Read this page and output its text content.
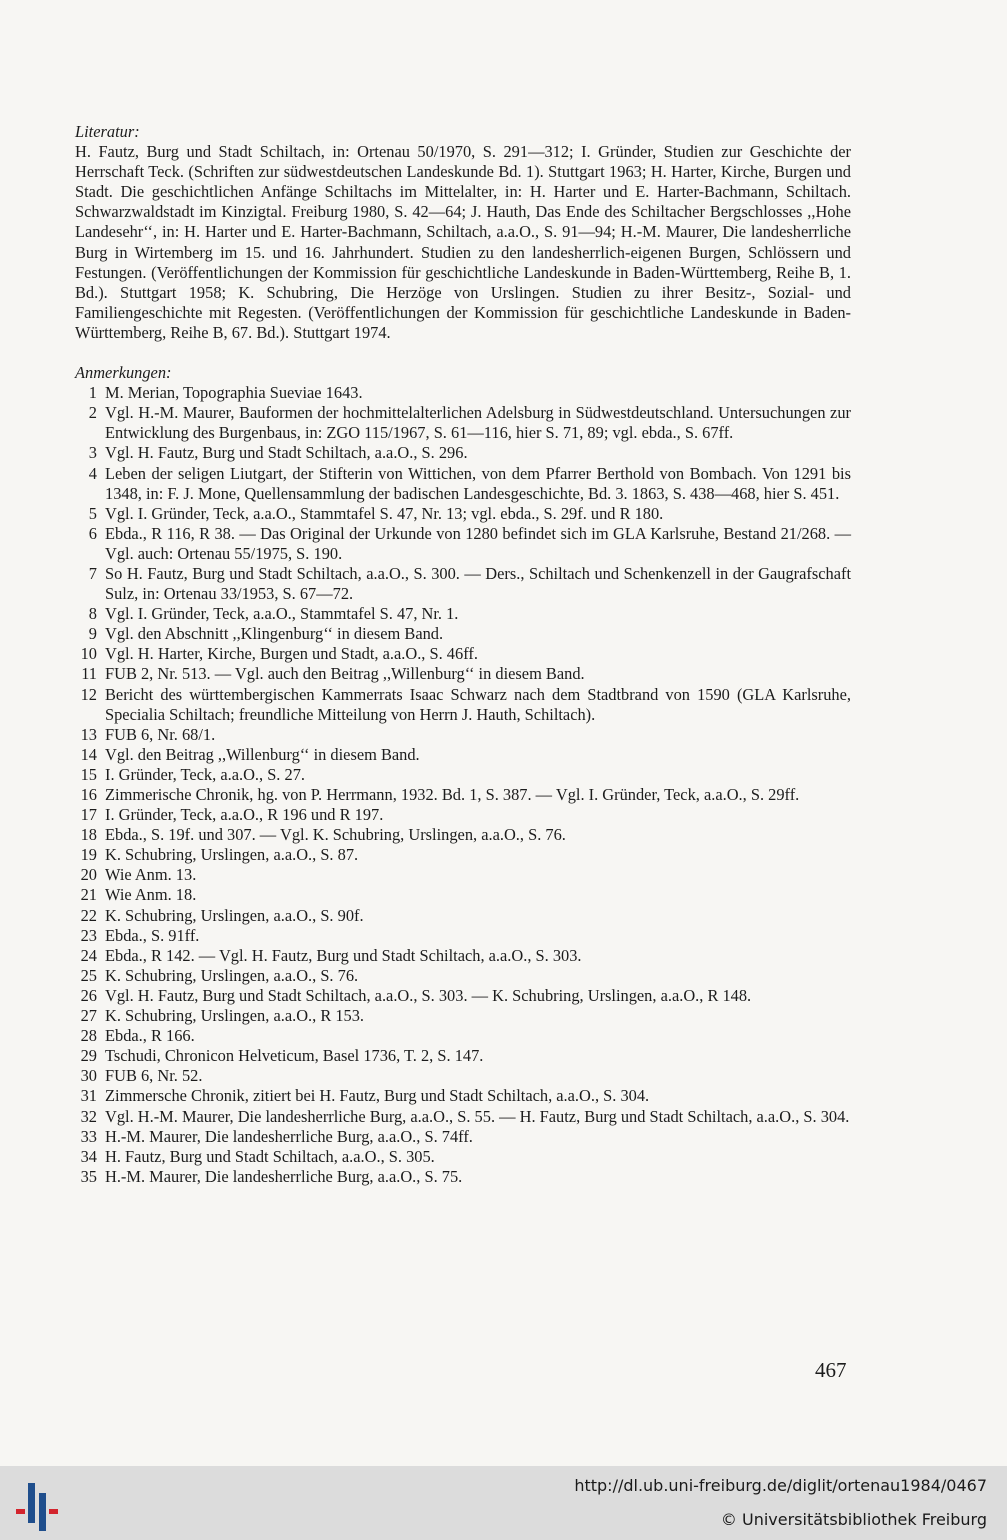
Literatur:

H. Fautz, Burg und Stadt Schiltach, in: Ortenau 50/1970, S. 291—312; I. Gründer, Studien zur Geschichte der Herrschaft Teck. (Schriften zur südwestdeutschen Landeskunde Bd. 1). Stuttgart 1963; H. Harter, Kirche, Burgen und Stadt. Die geschichtlichen Anfänge Schiltachs im Mittelalter, in: H. Harter und E. Harter-Bachmann, Schiltach. Schwarzwaldstadt im Kinzigtal. Freiburg 1980, S. 42—64; J. Hauth, Das Ende des Schiltacher Bergschlosses ,,Hohe Landesehr‘‘, in: H. Harter und E. Harter-Bachmann, Schiltach, a.a.O., S. 91—94; H.-M. Maurer, Die landesherrliche Burg in Wirtemberg im 15. und 16. Jahrhundert. Studien zu den landesherrlich-eigenen Burgen, Schlössern und Festungen. (Veröffentlichungen der Kommission für geschichtliche Landeskunde in Baden-Württemberg, Reihe B, 1. Bd.). Stuttgart 1958; K. Schubring, Die Herzöge von Urslingen. Studien zu ihrer Besitz-, Sozial- und Familiengeschichte mit Regesten. (Veröffentlichungen der Kommission für geschichtliche Landeskunde in Baden-Württemberg, Reihe B, 67. Bd.). Stuttgart 1974.

Anmerkungen:

1 M. Merian, Topographia Sueviae 1643.
2 Vgl. H.-M. Maurer, Bauformen der hochmittelalterlichen Adelsburg in Südwestdeutschland. Untersuchungen zur Entwicklung des Burgenbaus, in: ZGO 115/1967, S. 61—116, hier S. 71, 89; vgl. ebda., S. 67ff.
3 Vgl. H. Fautz, Burg und Stadt Schiltach, a.a.O., S. 296.
4 Leben der seligen Liutgart, der Stifterin von Wittichen, von dem Pfarrer Berthold von Bombach. Von 1291 bis 1348, in: F. J. Mone, Quellensammlung der badischen Landesgeschichte, Bd. 3. 1863, S. 438—468, hier S. 451.
5 Vgl. I. Gründer, Teck, a.a.O., Stammtafel S. 47, Nr. 13; vgl. ebda., S. 29f. und R 180.
6 Ebda., R 116, R 38. — Das Original der Urkunde von 1280 befindet sich im GLA Karlsruhe, Bestand 21/268. — Vgl. auch: Ortenau 55/1975, S. 190.
7 So H. Fautz, Burg und Stadt Schiltach, a.a.O., S. 300. — Ders., Schiltach und Schenkenzell in der Gaugrafschaft Sulz, in: Ortenau 33/1953, S. 67—72.
8 Vgl. I. Gründer, Teck, a.a.O., Stammtafel S. 47, Nr. 1.
9 Vgl. den Abschnitt ,,Klingenburg‘‘ in diesem Band.
10 Vgl. H. Harter, Kirche, Burgen und Stadt, a.a.O., S. 46ff.
11 FUB 2, Nr. 513. — Vgl. auch den Beitrag ,,Willenburg‘‘ in diesem Band.
12 Bericht des württembergischen Kammerrats Isaac Schwarz nach dem Stadtbrand von 1590 (GLA Karlsruhe, Specialia Schiltach; freundliche Mitteilung von Herrn J. Hauth, Schiltach).
13 FUB 6, Nr. 68/1.
14 Vgl. den Beitrag ,,Willenburg‘‘ in diesem Band.
15 I. Gründer, Teck, a.a.O., S. 27.
16 Zimmerische Chronik, hg. von P. Herrmann, 1932. Bd. 1, S. 387. — Vgl. I. Gründer, Teck, a.a.O., S. 29ff.
17 I. Gründer, Teck, a.a.O., R 196 und R 197.
18 Ebda., S. 19f. und 307. — Vgl. K. Schubring, Urslingen, a.a.O., S. 76.
19 K. Schubring, Urslingen, a.a.O., S. 87.
20 Wie Anm. 13.
21 Wie Anm. 18.
22 K. Schubring, Urslingen, a.a.O., S. 90f.
23 Ebda., S. 91ff.
24 Ebda., R 142. — Vgl. H. Fautz, Burg und Stadt Schiltach, a.a.O., S. 303.
25 K. Schubring, Urslingen, a.a.O., S. 76.
26 Vgl. H. Fautz, Burg und Stadt Schiltach, a.a.O., S. 303. — K. Schubring, Urslingen, a.a.O., R 148.
27 K. Schubring, Urslingen, a.a.O., R 153.
28 Ebda., R 166.
29 Tschudi, Chronicon Helveticum, Basel 1736, T. 2, S. 147.
30 FUB 6, Nr. 52.
31 Zimmersche Chronik, zitiert bei H. Fautz, Burg und Stadt Schiltach, a.a.O., S. 304.
32 Vgl. H.-M. Maurer, Die landesherrliche Burg, a.a.O., S. 55. — H. Fautz, Burg und Stadt Schiltach, a.a.O., S. 304.
33 H.-M. Maurer, Die landesherrliche Burg, a.a.O., S. 74ff.
34 H. Fautz, Burg und Stadt Schiltach, a.a.O., S. 305.
35 H.-M. Maurer, Die landesherrliche Burg, a.a.O., S. 75.
467
http://dl.ub.uni-freiburg.de/diglit/ortenau1984/0467
© Universitätsbibliothek Freiburg
